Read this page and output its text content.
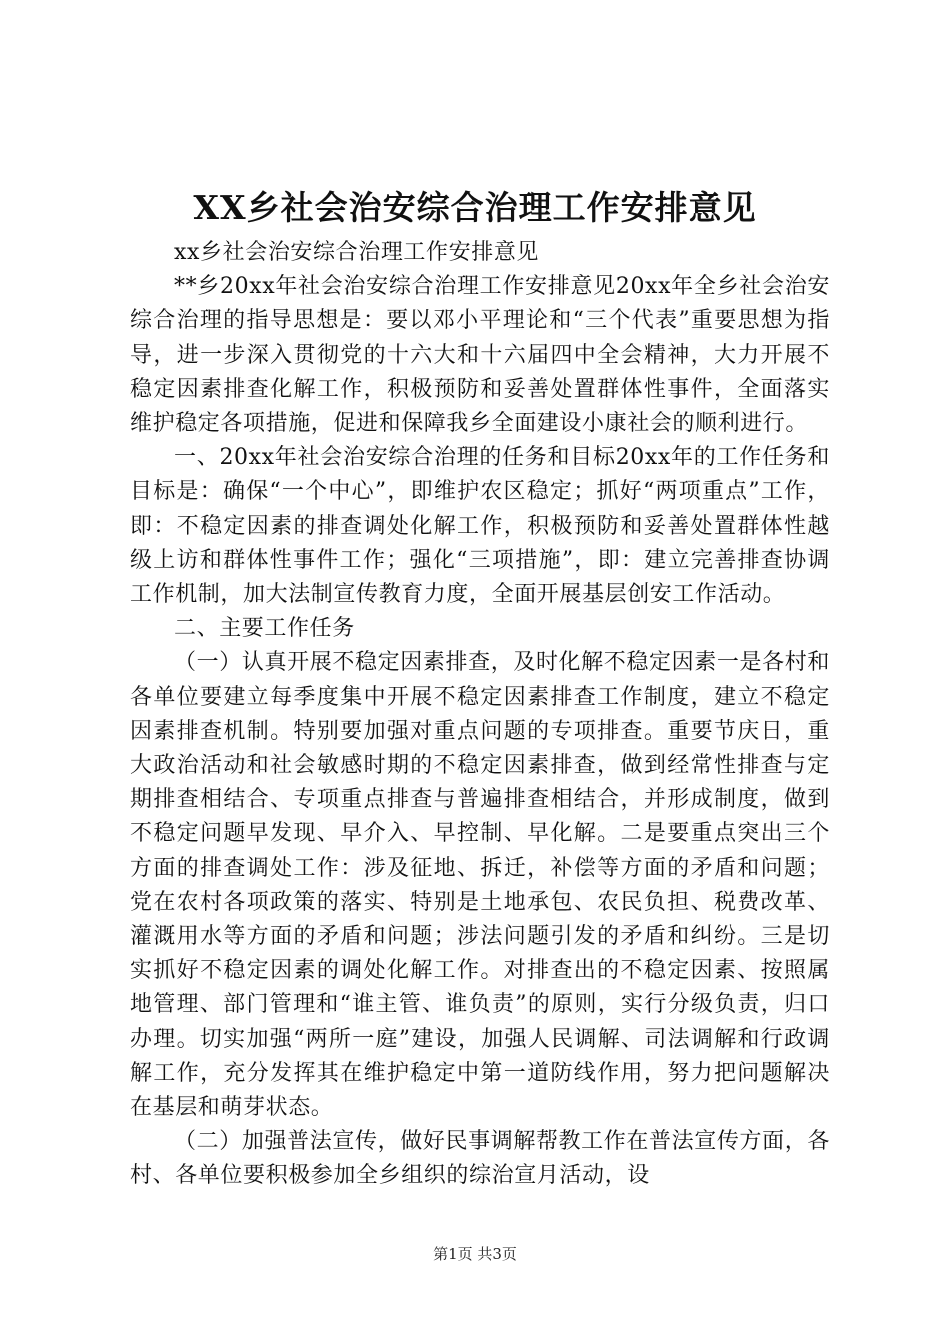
XX乡社会治安综合治理工作安排意见

xx乡社会治安综合治理工作安排意见

**乡20xx年社会治安综合治理工作安排意见20xx年全乡社会治安综合治理的指导思想是：要以邓小平理论和“三个代表”重要思想为指导，进一步深入贯彻党的十六大和十六届四中全会精神，大力开展不稳定因素排查化解工作，积极预防和妥善处置群体性事件，全面落实维护稳定各项措施，促进和保障我乡全面建设小康社会的顺利进行。

一、20xx年社会治安综合治理的任务和目标20xx年的工作任务和目标是：确保“一个中心”，即维护农区稳定；抓好“两项重点”工作，即：不稳定因素的排查调处化解工作，积极预防和妥善处置群体性越级上访和群体性事件工作；强化“三项措施”，即：建立完善排查协调工作机制，加大法制宣传教育力度，全面开展基层创安工作活动。

二、主要工作任务

（一）认真开展不稳定因素排查，及时化解不稳定因素一是各村和各单位要建立每季度集中开展不稳定因素排查工作制度，建立不稳定因素排查机制。特别要加强对重点问题的专项排查。重要节庆日，重大政治活动和社会敏感时期的不稳定因素排查，做到经常性排查与定期排查相结合、专项重点排查与普遍排查相结合，并形成制度，做到不稳定问题早发现、早介入、早控制、早化解。二是要重点突出三个方面的排查调处工作：涉及征地、拆迁，补偿等方面的矛盾和问题；党在农村各项政策的落实、特别是土地承包、农民负担、税费改革、灌溉用水等方面的矛盾和问题；涉法问题引发的矛盾和纠纷。三是切实抓好不稳定因素的调处化解工作。对排查出的不稳定因素、按照属地管理、部门管理和“谁主管、谁负责”的原则，实行分级负责，归口办理。切实加强“两所一庭”建设，加强人民调解、司法调解和行政调解工作，充分发挥其在维护稳定中第一道防线作用，努力把问题解决在基层和萌芽状态。

（二）加强普法宣传，做好民事调解帮教工作在普法宣传方面，各村、各单位要积极参加全乡组织的综治宣月活动，设

第1页 共3页
